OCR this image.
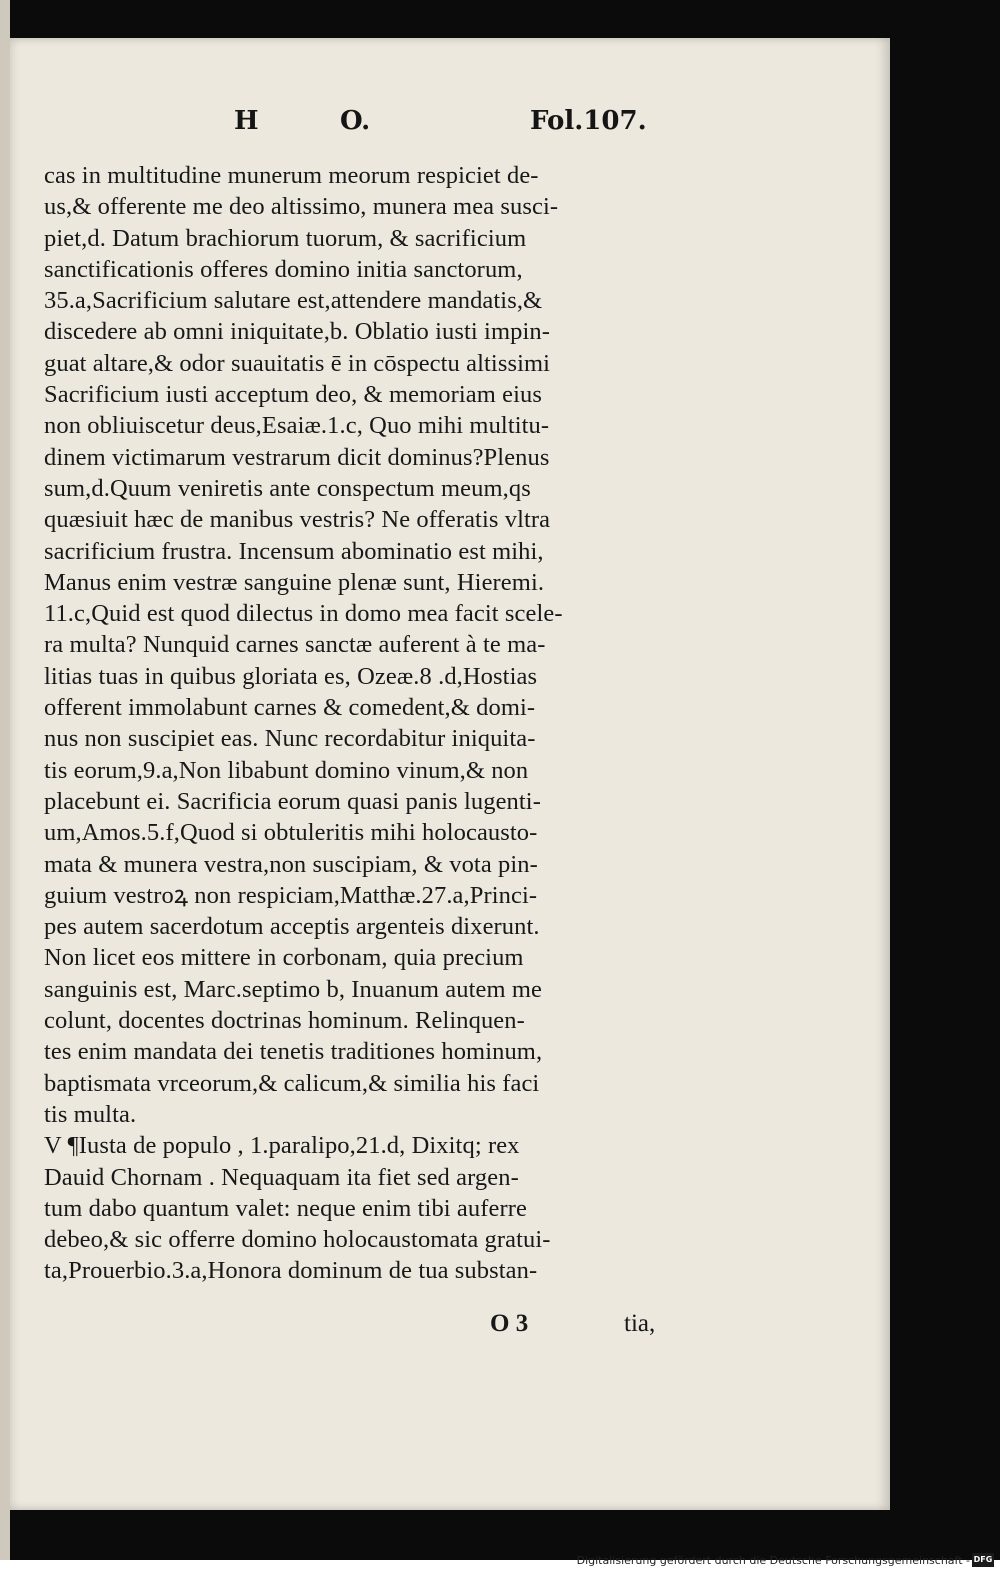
H	O.	Fol.107.
cas in multitudine munerum meorum respiciet de-
us,& offerente me deo altissimo, munera mea susci-
piet,d. Datum brachiorum tuorum, & sacrificium
sanctificationis offeres domino initia sanctorum,
35.a,Sacrificium salutare est,attendere mandatis,&
discedere ab omni iniquitate,b. Oblatio iusti impin-
guat altare,& odor suauitatis ē in cōspectu altissimi
Sacrificium iusti acceptum deo, & memoriam eius
non obliuiscetur deus,Esaiæ.1.c, Quo mihi multitu-
dinem victimarum vestrarum dicit dominus?Plenus
sum,d.Quum veniretis ante conspectum meum,qs
quæsiuit hæc de manibus vestris? Ne offeratis vltra
sacrificium frustra. Incensum abominatio est mihi,
Manus enim vestræ sanguine plenæ sunt, Hieremi.
11.c,Quid est quod dilectus in domo mea facit scele-
ra multa? Nunquid carnes sanctæ auferent à te ma-
litias tuas in quibus gloriata es, Ozeæ.8 .d,Hostias
offerent immolabunt carnes & comedent,& domi-
nus non suscipiet eas. Nunc recordabitur iniquita-
tis eorum,9.a,Non libabunt domino vinum,& non
placebunt ei. Sacrificia eorum quasi panis lugenti-
um,Amos.5.f,Quod si obtuleritis mihi holocausto-
mata & munera vestra,non suscipiam, & vota pin-
guium vestroꝝ non respiciam,Matthæ.27.a,Princi-
pes autem sacerdotum acceptis argenteis dixerunt.
Non licet eos mittere in corbonam, quia precium
sanguinis est, Marc.septimo b, Inuanum autem me
colunt, docentes doctrinas hominum. Relinquen-
tes enim mandata dei tenetis traditiones hominum,
baptismata vrceorum,& calicum,& similia his faci
tis multa.
V ¶Iusta de populo , 1.paralipo,21.d, Dixitq; rex
Dauid Chornam . Nequaquam ita fiet sed argen-
tum dabo quantum valet: neque enim tibi auferre
debeo,& sic offerre domino holocaustomata gratui-
ta,Prouerbio.3.a,Honora dominum de tua substan-
O 3	tia,
Digitalisierung gefördert durch die Deutsche Forschungsgemeinschaft - DFG
